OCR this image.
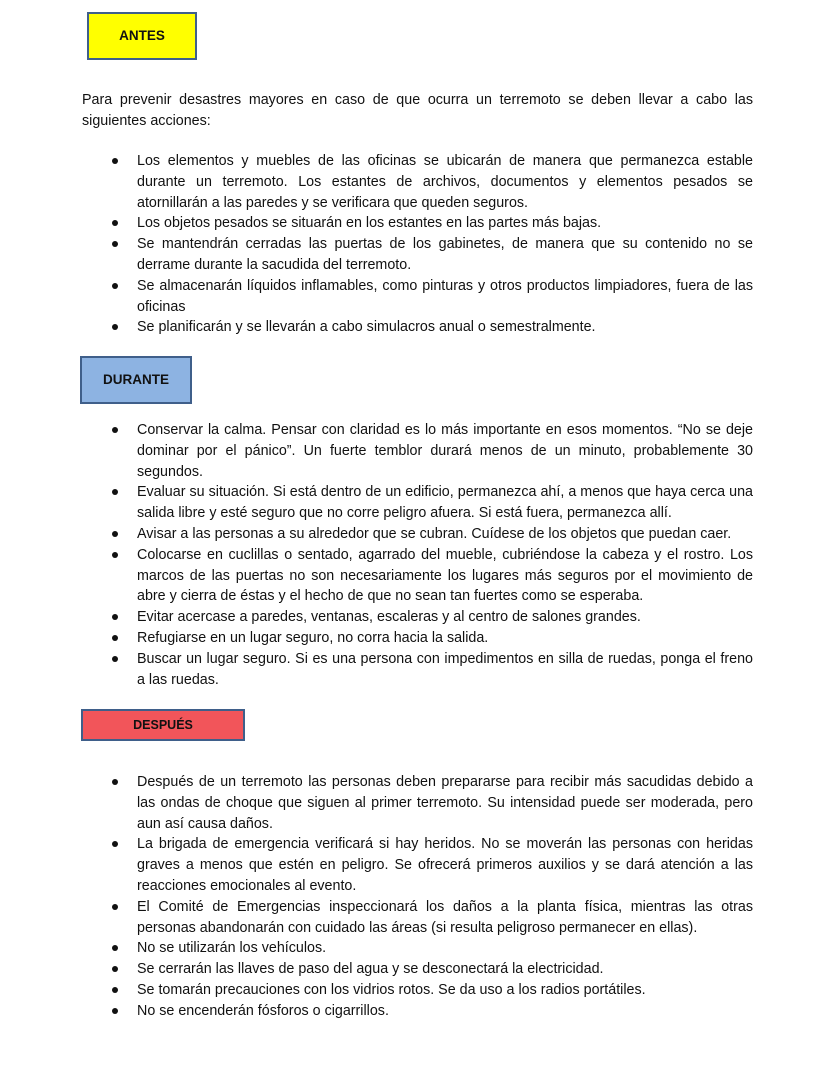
ANTES

Para prevenir desastres mayores en caso de que ocurra un terremoto se deben llevar a cabo las siguientes acciones:

Los elementos y muebles de las oficinas se ubicarán de manera que permanezca estable durante un terremoto. Los estantes de archivos, documentos y elementos pesados se atornillarán a las paredes y se verificara que queden seguros.
Los objetos pesados se situarán en los estantes en las partes más bajas.
Se mantendrán cerradas las puertas de los gabinetes, de manera que su contenido no se derrame durante la sacudida del terremoto.
Se almacenarán líquidos inflamables, como pinturas y otros productos limpiadores, fuera de las oficinas
Se planificarán y se llevarán a cabo simulacros anual o semestralmente.
DURANTE
Conservar la calma. Pensar con claridad es lo más importante en esos momentos. “No se deje dominar por el pánico”. Un fuerte temblor durará menos de un minuto, probablemente 30 segundos.
Evaluar su situación. Si está dentro de un edificio, permanezca ahí, a menos que haya cerca una salida libre y esté seguro que no corre peligro afuera. Si está fuera, permanezca allí.
Avisar a las personas a su alrededor que se cubran. Cuídese de los objetos que puedan caer.
Colocarse en cuclillas o sentado, agarrado del mueble, cubriéndose la cabeza y el rostro. Los marcos de las puertas no son necesariamente los lugares más seguros por el movimiento de abre y cierra de éstas y el hecho de que no sean tan fuertes como se esperaba.
Evitar acercase a paredes, ventanas, escaleras y al centro de salones grandes.
Refugiarse en un lugar seguro, no corra hacia la salida.
Buscar un lugar seguro. Si es una persona con impedimentos en silla de ruedas, ponga el freno a las ruedas.
DESPUÉS
Después de un terremoto las personas deben prepararse para recibir más sacudidas debido a las ondas de choque que siguen al primer terremoto. Su intensidad puede ser moderada, pero aun así causa daños.
La brigada de emergencia verificará si hay heridos. No se moverán las personas con heridas graves a menos que estén en peligro. Se ofrecerá primeros auxilios y se dará atención a las reacciones emocionales al evento.
El Comité de Emergencias inspeccionará los daños a la planta física, mientras las otras personas abandonarán con cuidado las áreas (si resulta peligroso permanecer en ellas).
No se utilizarán los vehículos.
Se cerrarán las llaves de paso del agua y se desconectará la electricidad.
Se tomarán precauciones con los vidrios rotos. Se da uso a los radios portátiles.
No se encenderán fósforos o cigarrillos.
